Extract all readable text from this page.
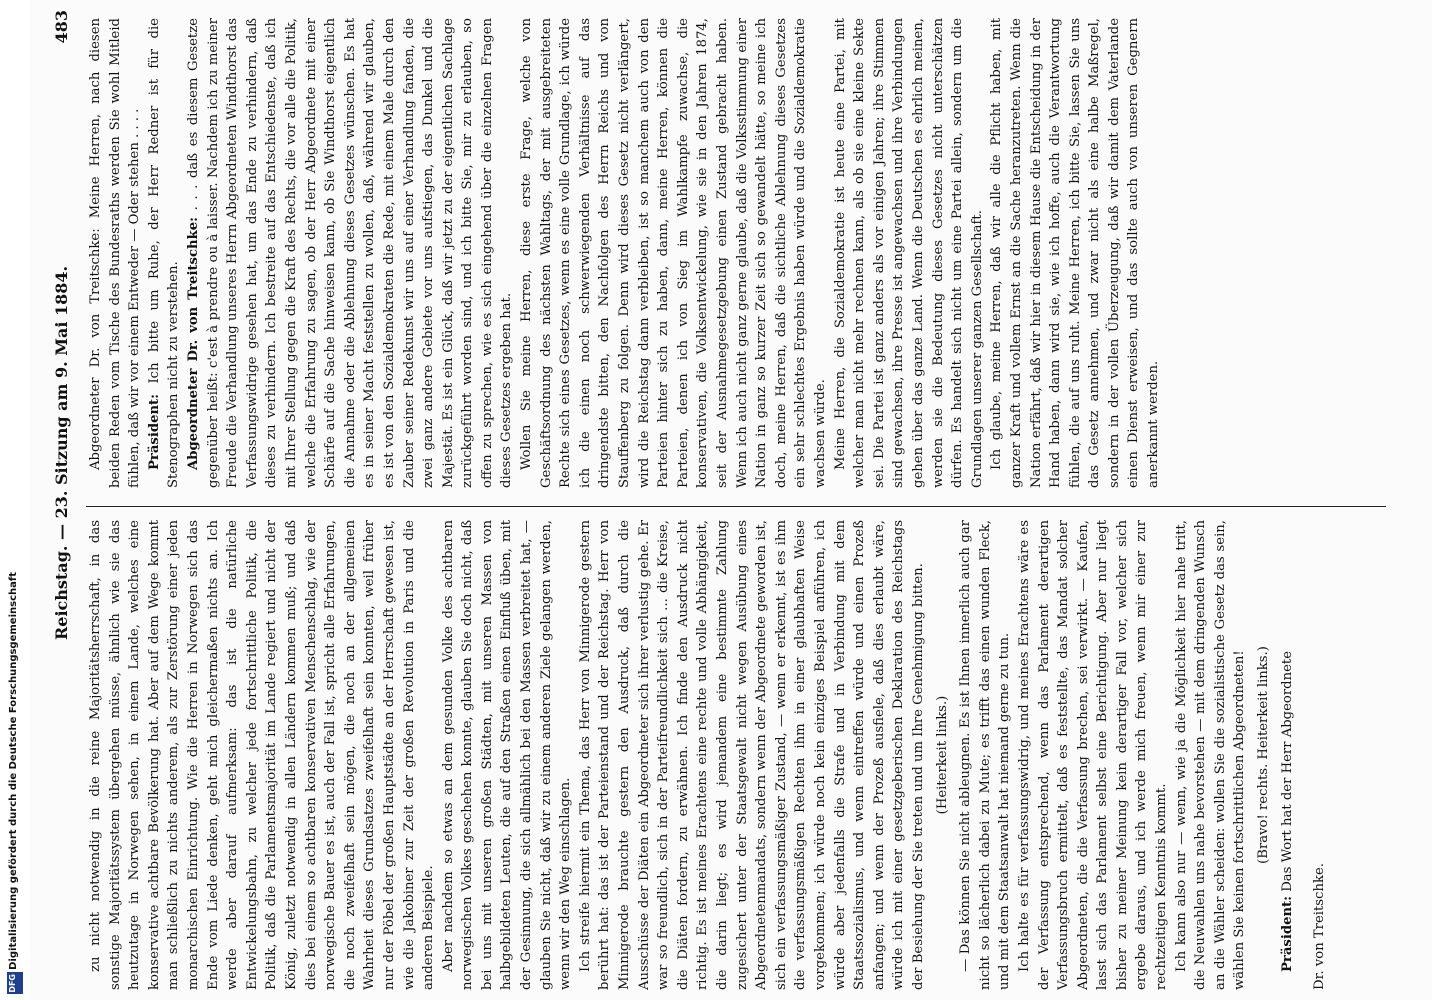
Digitalisierung gefördert durch die Deutsche Forschungsgemeinschaft
DFG
Reichstag. — 23. Sitzung am 9. Mai 1884.
483

zu nicht notwendig in die reine Majoritätsherrschaft, in das sonstige Majoritätssystem übergehen müsse, ähnlich wie sie das heutzutage in Norwegen sehen, in einem Lande, welches eine konservative achtbare Bevölkerung hat. Aber auf dem Wege kommt man schließlich zu nichts anderem, als zur Zerstörung einer jeden monarchischen Einrichtung. Wie die Herren in Norwegen sich das Ende vom Liede denken, geht mich gleichermaßen nichts an. Ich werde aber darauf aufmerksam: das ist die natürliche Entwickelungsbahn, zu welcher jede fortschrittliche Politik, die Politik, daß die Parlamentsmajorität im Lande regiert und nicht der König, zuletzt notwendig in allen Ländern kommen muß; und daß dies bei einem so achtbaren konservativen Menschenschlag, wie der norwegische Bauer es ist, auch der Fall ist, spricht alle Erfahrungen, die noch zweifelhaft sein mögen, die noch an der allgemeinen Wahrheit dieses Grundsatzes zweifelhaft sein konnten, weil früher nur der Pöbel der großen Hauptstädte an der Herrschaft gewesen ist, wie die Jakobiner zur Zeit der großen Revolution in Paris und die anderen Beispiele. Aber nachdem so etwas an dem gesunden Volke des achtbaren norwegischen Volkes geschehen konnte, glauben Sie doch nicht, daß bei uns mit unseren großen Städten, mit unseren Massen von halbgebildeten Leuten, die auf den Straßen einen Einfluß üben, mit der Gesinnung, die sich allmählich bei den Massen verbreitet hat, — glauben Sie nicht, daß wir zu einem anderen Ziele gelangen werden, wenn wir den Weg einschlagen. Ich streife hiermit ein Thema, das Herr von Minnigerode gestern berührt hat: das ist der Parteienstand und der Reichstag. Herr von Minnigerode brauchte gestern den Ausdruck, daß durch die Ausschüsse der Diäten ein Abgeordneter sich ihrer verlustig gehe. Er war so freundlich, sich in der Parteifreundlichkeit sich ... die Kreise, die Diäten fordern, zu erwähnen. Ich finde den Ausdruck nicht richtig. Es ist meines Erachtens eine rechte und volle Abhängigkeit, die darin liegt; es wird jemandem eine bestimmte Zahlung zugesichert unter der Staatsgewalt nicht wegen Ausübung eines Abgeordnetenmandats, sondern wenn der Abgeordnete geworden ist, sich ein verfassungsmäßiger Zustand, — wenn er erkennt, ist es ihm die verfassungsmäßigen Rechten ihm in einer glaubhaften Weise vorgekommen; ich würde noch kein einziges Beispiel anführen, ich würde aber jedenfalls die Strafe und in Verbindung mit dem Staatssozialismus, und wenn eintreffen würde und einen Prozeß anfangen; und wenn der Prozeß ausfiele, daß dies erlaubt wäre, würde ich mit einer gesetzgeberischen Deklaration des Reichstags der Besiehung der Sie treten und um Ihre Genehmigung bitten. (Heiterkeit links.) — Das können Sie nicht ableugnen. Es ist Ihnen innerlich auch gar nicht so lächerlich dabei zu Mute; es trifft das einen wunden Fleck, und mit dem Staatsanwalt hat niemand gerne zu tun. Ich halte es für verfassungswidrig, und meines Erachtens wäre es der Verfassung entsprechend, wenn das Parlament derartigen Verfassungsbruch ermittelt, daß es feststellte, das Mandat solcher Abgeordneten, die die Verfassung brechen, sei verwirkt. — Kaufen, lasst sich das Parlament selbst eine Berichtigung. Aber nur liegt bisher zu meiner Meinung kein derartiger Fall vor, welcher sich ergebe daraus, und ich werde mich freuen, wenn mir einer zur rechtzeitigen Kenntnis kommt. Ich kann also nur — wenn, wie ja die Möglichkeit hier nahe tritt, die Neuwahlen uns nahe bevorstehen — mit dem dringenden Wunsch an die Wähler scheiden: wollen Sie die sozialistische Gesetz das sein, wählen Sie keinen fortschrittlichen Abgeordneten! (Bravo! rechts. Heiterkeit links.)

Präsident: Das Wort hat der Herr Abgeordnete

Dr. von Treitschke.

Abgeordneter Dr. von Treitschke: Meine Herren, nach diesen beiden Reden vom Tische des Bundesraths werden Sie wohl Mitleid fühlen, daß wir vor einem Entweder — Oder stehen . . . . Präsident: Ich bitte um Ruhe, der Herr Redner ist für die Stenographen nicht zu verstehen. Abgeordneter Dr. von Treitschke: . . . daß es diesem Gesetze gegenüber heißt: c'est à prendre ou à laisser. Nachdem ich zu meiner Freude die Verhandlung unseres Herrn Abgeordneten Windthorst das Verfassungswidrige gesehen hat, um das Ende zu verhindern, daß dieses zu verhindern. Ich bestreite auf das Entschiedenste, daß ich mit Ihrer Stellung gegen die Kraft des Rechts, die vor alle die Politik, welche die Erfahrung zu sagen, ob der Herr Abgeordnete mit einer Schärfe auf die Sache hinweisen kann, ob Sie Windthorst eigentlich die Annahme oder die Ablehnung dieses Gesetzes wünschen. Es hat es in seiner Macht feststellen zu wollen, daß, während wir glauben, es ist von den Sozialdemokraten die Rede, mit einem Male durch den Zauber seiner Redekunst wir uns auf einer Verhandlung fanden, die zwei ganz andere Gebiete vor uns aufstiegen, das Dunkel und die Majestät. Es ist ein Glück, daß wir jetzt zu der eigentlichen Sachlage zurückgeführt worden sind, und ich bitte Sie, mir zu erlauben, so offen zu sprechen, wie es sich eingehend über die einzelnen Fragen dieses Gesetzes ergeben hat. Wollen Sie meine Herren, diese erste Frage, welche von Geschäftsordnung des nächsten Wahltags, der mit ausgebreiteten Rechte sich eines Gesetzes, wenn es eine volle Grundlage, ich würde ich die einen noch schwerwiegenden Verhältnisse auf das dringendste bitten, den Nachfolgen des Herrn Reichs und von Stauffenberg zu folgen. Denn wird dieses Gesetz nicht verlängert, wird die Reichstag dann verbleiben, ist so manchem auch von den Parteien hinter sich zu haben, dann, meine Herren, können die Parteien, denen ich von Sieg im Wahlkampfe zuwachse, die konservativen, die Volksentwickelung, wie sie in den Jahren 1874, seit der Ausnahmegesetzgebung einen Zustand gebracht haben. Wenn ich auch nicht ganz gerne glaube, daß die Volksstimmung einer Nation in ganz so kurzer Zeit sich so gewandelt hätte, so meine ich doch, meine Herren, daß die sichtliche Ablehnung dieses Gesetzes ein sehr schlechtes Ergebnis haben würde und die Sozialdemokratie wachsen würde. Meine Herren, die Sozialdemokratie ist heute eine Partei, mit welcher man nicht mehr rechnen kann, als ob sie eine kleine Sekte sei. Die Partei ist ganz anders als vor einigen Jahren; ihre Stimmen sind gewachsen, ihre Presse ist angewachsen und ihre Verbindungen gehen über das ganze Land. Wenn die Deutschen es ehrlich meinen, werden sie die Bedeutung dieses Gesetzes nicht unterschätzen dürfen. Es handelt sich nicht um eine Partei allein, sondern um die Grundlagen unserer ganzen Gesellschaft. Ich glaube, meine Herren, daß wir alle die Pflicht haben, mit ganzer Kraft und vollem Ernst an die Sache heranzutreten. Wenn die Nation erfährt, daß wir hier in diesem Hause die Entscheidung in der Hand haben, dann wird sie, wie ich hoffe, auch die Verantwortung fühlen, die auf uns ruht. Meine Herren, ich bitte Sie, lassen Sie uns das Gesetz annehmen, und zwar nicht als eine halbe Maßregel, sondern in der vollen Überzeugung, daß wir damit dem Vaterlande einen Dienst erweisen, und das sollte auch von unseren Gegnern anerkannt werden.
